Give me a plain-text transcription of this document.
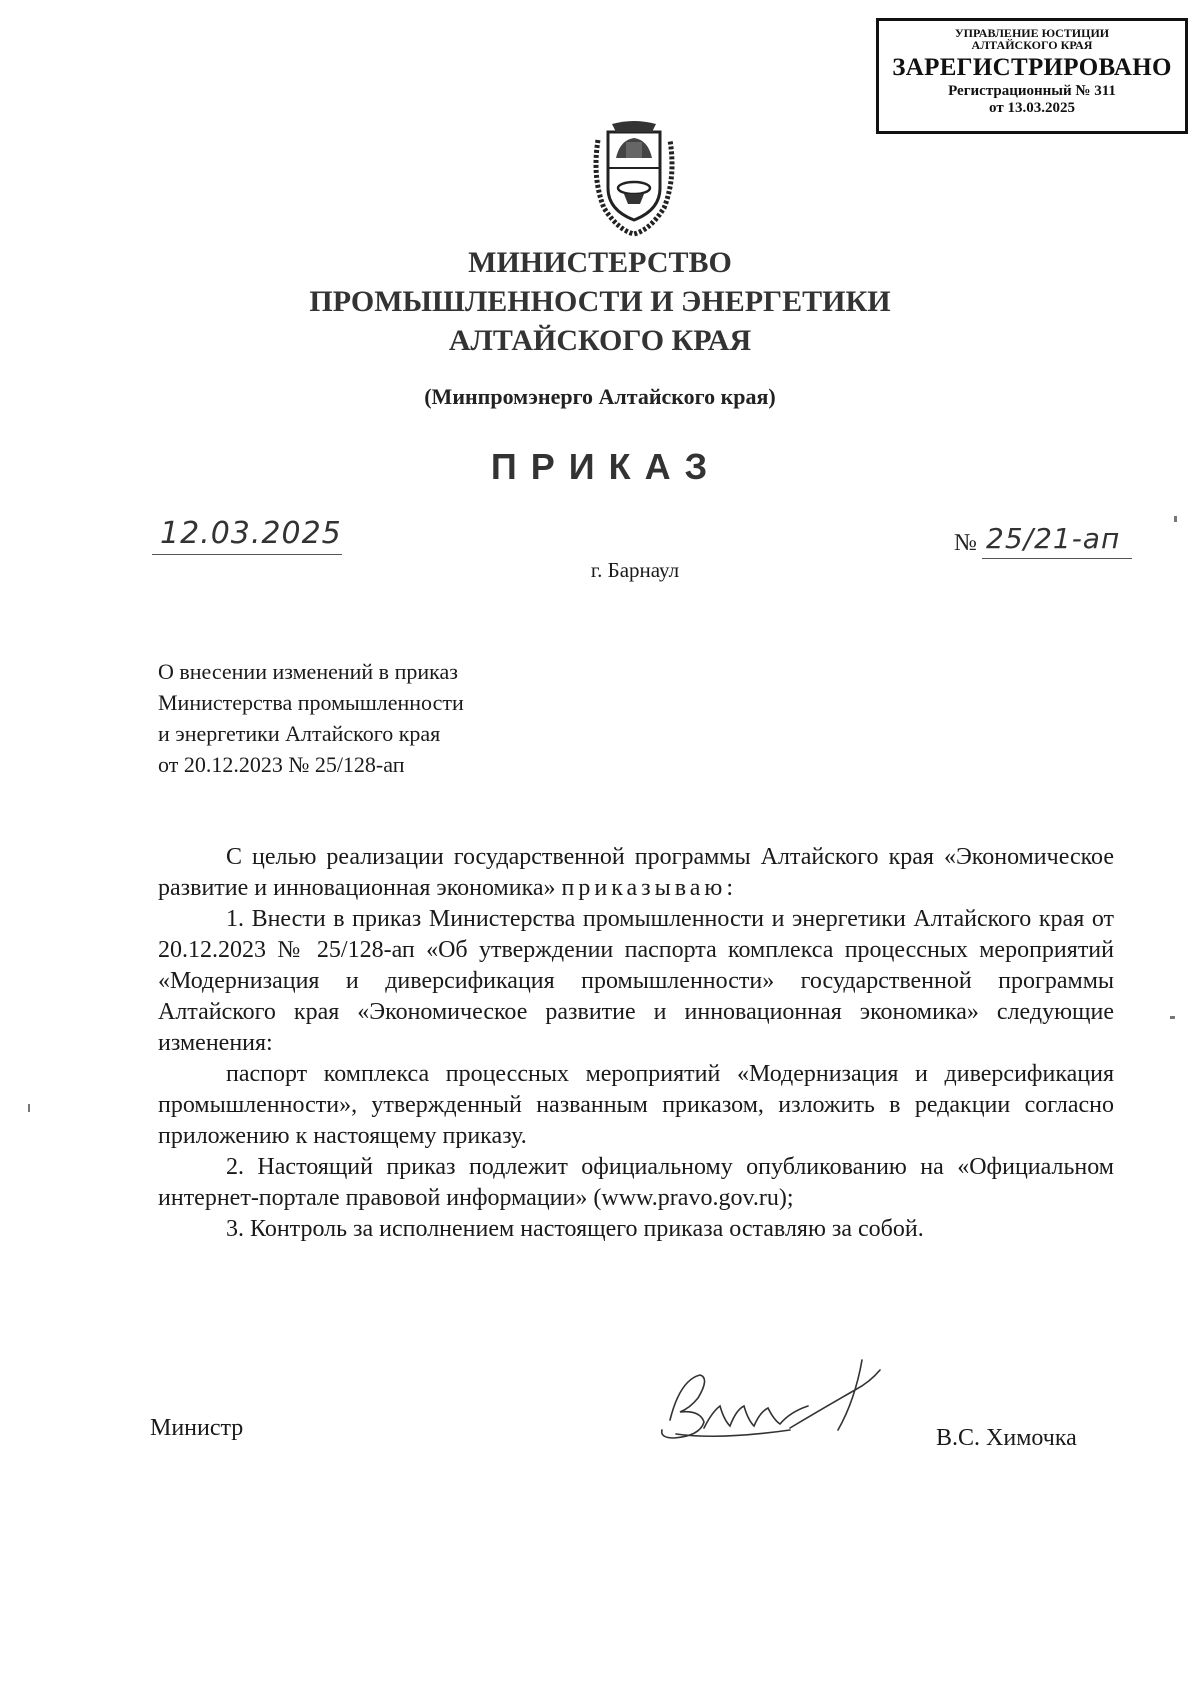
УПРАВЛЕНИЕ ЮСТИЦИИ
АЛТАЙСКОГО КРАЯ
ЗАРЕГИСТРИРОВАНО
Регистрационный № 311
от 13.03.2025
МИНИСТЕРСТВО
ПРОМЫШЛЕННОСТИ И ЭНЕРГЕТИКИ
АЛТАЙСКОГО КРАЯ
(Минпромэнерго Алтайского края)
ПРИКАЗ
12.03.2025	№ 25/21-ап
г. Барнаул
О внесении изменений в приказ
Министерства промышленности
и энергетики Алтайского края
от 20.12.2023 № 25/128-ап

С целью реализации государственной программы Алтайского края «Экономическое развитие и инновационная экономика» приказываю:

1. Внести в приказ Министерства промышленности и энергетики Алтайского края от 20.12.2023 № 25/128-ап «Об утверждении паспорта комплекса процессных мероприятий «Модернизация и диверсификация промышленности» государственной программы Алтайского края «Экономическое развитие и инновационная экономика» следующие изменения:

паспорт комплекса процессных мероприятий «Модернизация и диверсификация промышленности», утвержденный названным приказом, изложить в редакции согласно приложению к настоящему приказу.

2. Настоящий приказ подлежит официальному опубликованию на «Официальном интернет-портале правовой информации» (www.pravo.gov.ru);

3. Контроль за исполнением настоящего приказа оставляю за собой.

Министр	В.С. Химочка
